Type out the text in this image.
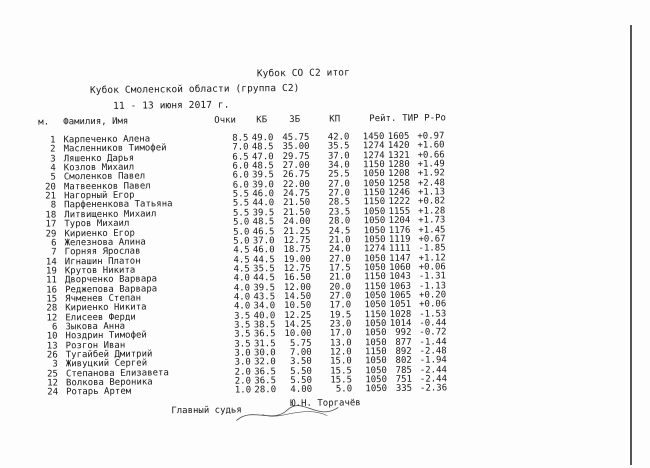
Кубок СО С2 итог
Кубок Смоленской области (группа С2)
11 - 13 июня 2017 г.
м. Фамилия, Имя	Очки КБ ЗБ	КП	Рейт. ТИР Р-Ро
1 Карпеченко Алена	8.5 49.0 45.75	42.0	1450 1605 +0.97
2 Масленников Тимофей	7.0 48.5 35.00	35.5	1274 1420 +1.60
3 Ляшенко Дарья	6.5 47.0 29.75	37.0	1274 1321 +0.66
4 Козлов Михаил	6.0 48.5 27.00	34.0	1150 1280 +1.49
5 Смоленков Павел	6.0 39.5 26.75	25.5	1050 1208 +1.92
20 Матвеенков Павел	6.0 39.0 22.00	27.0	1050 1258 +2.48
21 Нагорный Егор	5.5 46.0 24.75	27.0	1150 1246 +1.13
8 Парфененкова Татьяна	5.5 44.0 21.50	28.5	1150 1222 +0.82
18 Литвищенко Михаил	5.5 39.5 21.50	23.5	1050 1155 +1.28
17 Туров Михаил	5.0 48.5 24.00	28.0	1050 1204 +1.73
29 Кириенко Егор	5.0 46.5 21.25	24.5	1050 1176 +1.45
6 Железнова Алина	5.0 37.0 12.75	21.0	1050 1119 +0.67
7 Горняя Ярослав	4.5 46.0 18.75	24.0	1274 1111 -1.85
14 Игнашин Платон	4.5 44.5 19.00	27.0	1050 1147 +1.12
19 Крутов Никита	4.5 35.5 12.75	17.5	1050 1060 +0.06
11 Дворченко Варвара	4.0 44.5 16.50	21.0	1150 1043 -1.31
16 Реджепова Варвара	4.0 39.5 12.00	20.0	1150 1063 -1.13
15 Ячменев Степан	4.0 43.5 14.50	27.0	1050 1065 +0.20
28 Кириенко Никита	4.0 34.0 10.50	17.0	1050 1051 +0.06
12 Елисеев Ферди	3.5 40.0 12.25	19.5	1150 1028 -1.53
6 Зыкова Анна	3.5 38.5 14.25	23.0	1050 1014 -0.44
10 Ноздрин Тимофей	3.5 36.5 10.00	17.0	1050 992 -0.72
13 Розгон Иван	3.5 31.5	5.75	13.0	1050 877 -1.44
26 Тугайбей Дмитрий	3.0 30.0	7.00	12.0	1150 892 -2.48
3 Живуцкий Сергей	3.0 32.0	3.50	15.0	1050 802 -1.94
25 Степанова Елизавета	2.0 36.5	5.50	15.5	1050 785 -2.44
12 Волкова Вероника	2.0 36.5	5.50	15.5	1050 751 -2.44
24 Ротарь Артем	1.0 28.0	4.00	5.0	1050 335 -2.36
Главный судья
Ю.Н. Торгачёв
